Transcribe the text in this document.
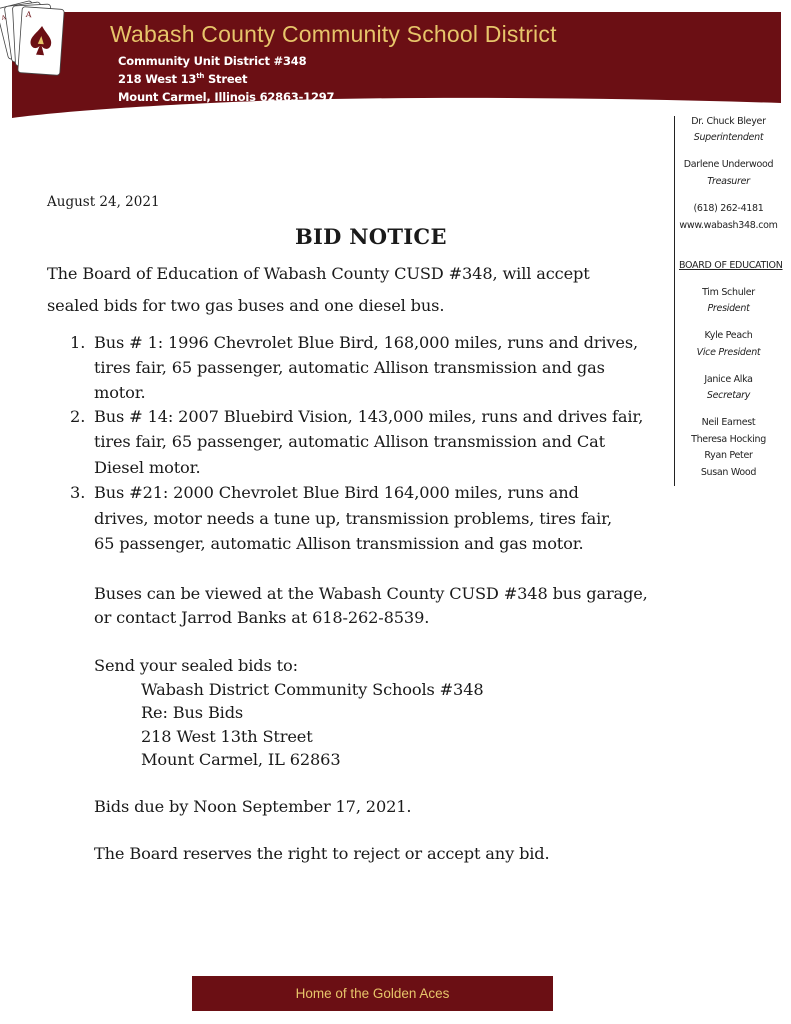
A
A
Wabash County Community School District
Community Unit District #348
218 West 13th Street
Mount Carmel, Illinois 62863-1297
Dr. Chuck Bleyer
Superintendent
Darlene Underwood
Treasurer
(618) 262-4181
www.wabash348.com
BOARD OF EDUCATION
Tim Schuler
President
Kyle Peach
Vice President
Janice Alka
Secretary
Neil Earnest
Theresa Hocking
Ryan Peter
Susan Wood
August 24, 2021
BID NOTICE
The Board of Education of Wabash County CUSD #348, will accept
sealed bids for two gas buses and one diesel bus.
1. Bus # 1: 1996 Chevrolet Blue Bird, 168,000 miles, runs and drives,
tires fair, 65 passenger, automatic Allison transmission and gas
motor.
2. Bus # 14: 2007 Bluebird Vision, 143,000 miles, runs and drives fair,
tires fair, 65 passenger, automatic Allison transmission and Cat
Diesel motor.
3. Bus #21: 2000 Chevrolet Blue Bird 164,000 miles, runs and
drives, motor needs a tune up, transmission problems, tires fair,
65 passenger, automatic Allison transmission and gas motor.
Buses can be viewed at the Wabash County CUSD #348 bus garage,
or contact Jarrod Banks at 618-262-8539.
Send your sealed bids to:
Wabash District Community Schools #348
Re: Bus Bids
218 West 13th Street
Mount Carmel, IL 62863
Bids due by Noon September 17, 2021.
The Board reserves the right to reject or accept any bid.
Home of the Golden Aces
